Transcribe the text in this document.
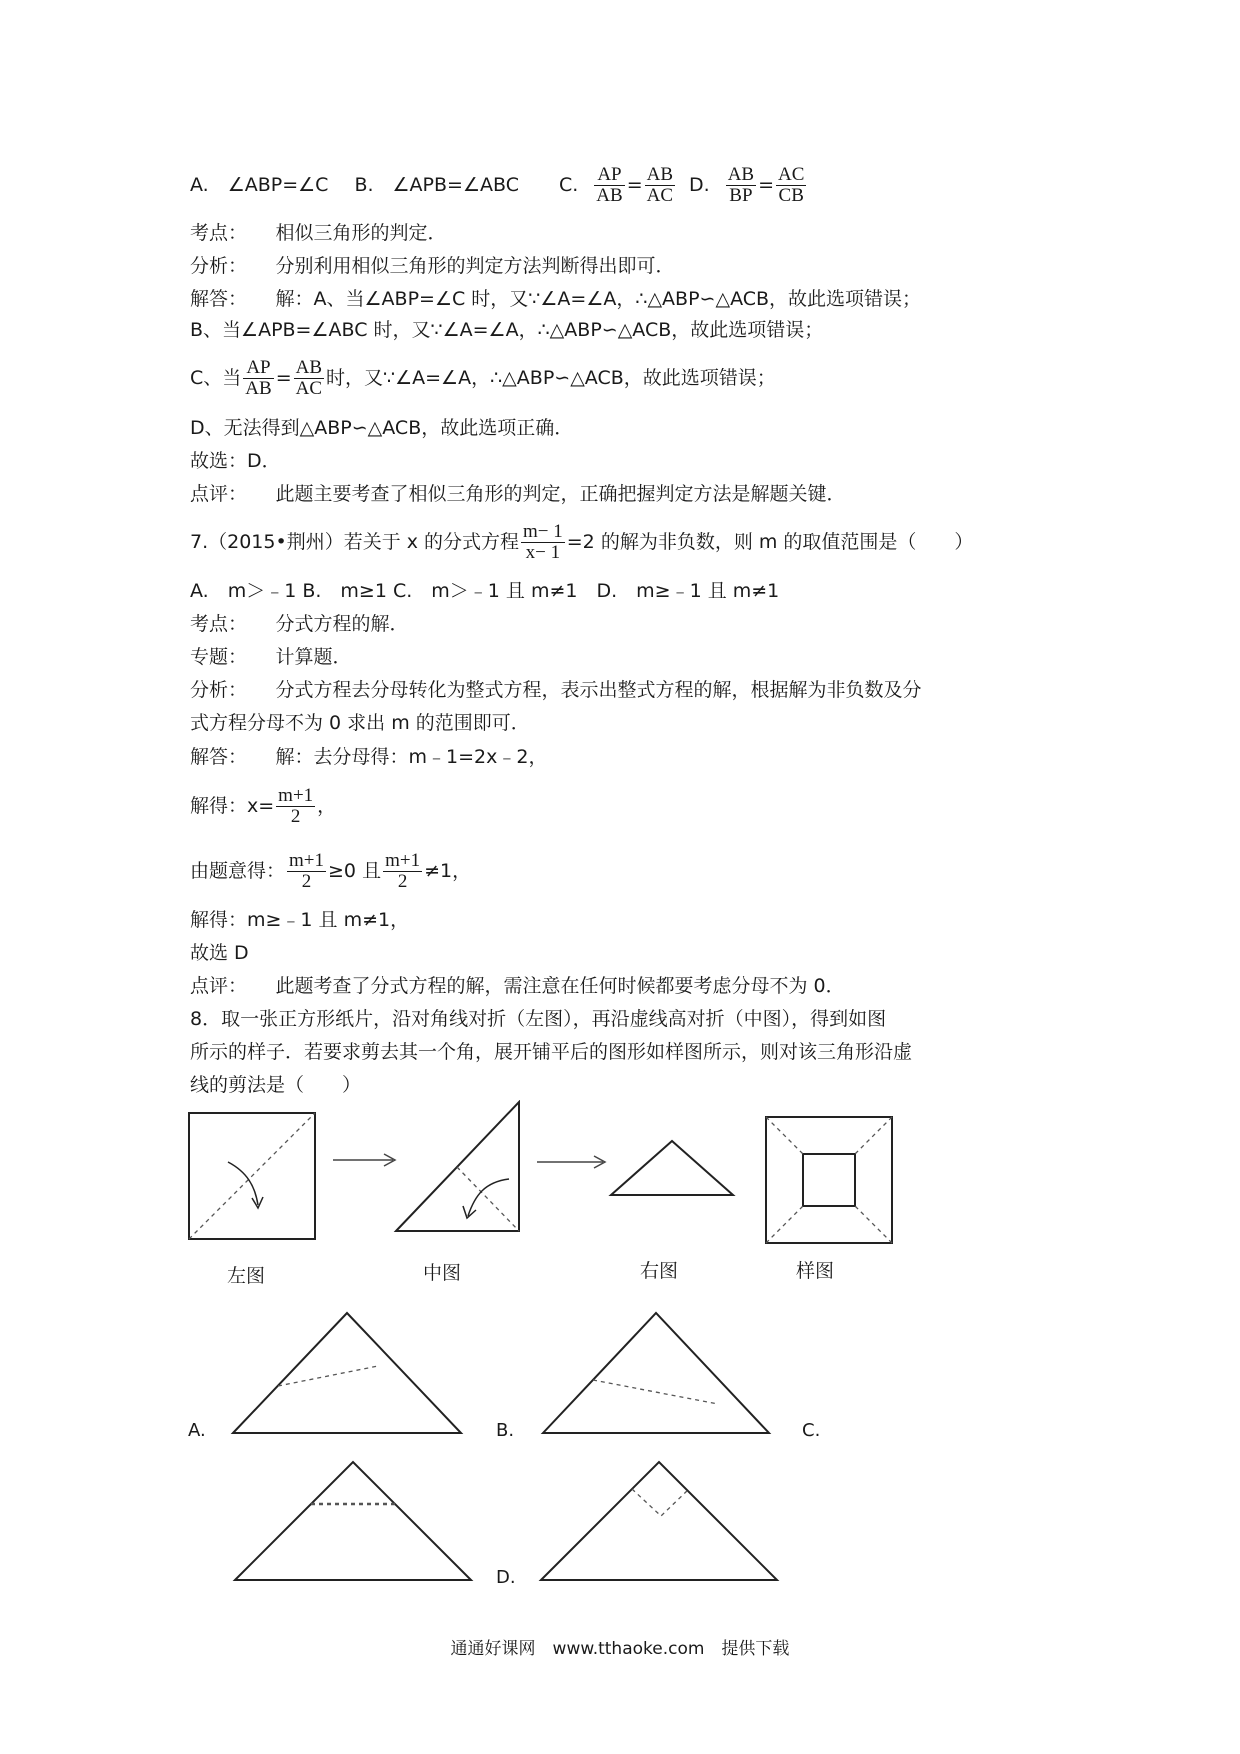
A.　∠ABP=∠C B.　∠APB=∠ABC C. $\frac{AP}{AB} = \frac{AB}{AC} D$. $\frac{AB}{BP} = \frac{AC}{CB}$
考点：　　相似三角形的判定．
分析：　　分别利用相似三角形的判定方法判断得出即可．
解答：　　解：A、当∠ABP=∠C 时，又∵∠A=∠A，∴△ABP∽△ACB，故此选项错误；
B、当∠APB=∠ABC 时，又∵∠A=∠A，∴△ABP∽△ACB，故此选项错误；
C、当 $\frac{AP}{AB} = \frac{AB}{AC}$ 时，又∵∠A=∠A，∴△ABP∽△ACB，故此选项错误；
D、无法得到△ABP∽△ACB，故此选项正确．
故选：D．
点评：　　此题主要考查了相似三角形的判定，正确把握判定方法是解题关键．
7.（2015•荆州）若关于 x 的分式方程 $\frac{m- 1}{x- 1} =2$ 的解为非负数，则 m 的取值范围是（　　）
A.　m＞﹣1 B.　m≥1 C.　m＞﹣1 且 m≠1　D.　m≥﹣1 且 m≠1
考点：　　分式方程的解．
专题：　　计算题．
分析：　　分式方程去分母转化为整式方程，表示出整式方程的解，根据解为非负数及分
式方程分母不为 0 求出 m 的范围即可．
解答：　　解：去分母得：m﹣1=2x﹣2，
解得：$x= \frac{m+1}{2}$ ，
由题意得： $\frac{m+1}{2} \ge 0$ 且 $\frac{m+1}{2} \ne 1$，
解得：m≥﹣1 且 m≠1，
故选 D
点评：　　此题考查了分式方程的解，需注意在任何时候都要考虑分母不为 0．
8．取一张正方形纸片，沿对角线对折（左图），再沿虚线高对折（中图），得到如图
所示的样子．若要求剪去其一个角，展开铺平后的图形如样图所示，则对该三角形沿虚
线的剪法是（　　）
左图	中图	右图	样图
A.	B.	C.
D.
通通好课网　www.tthaoke.com　提供下载
